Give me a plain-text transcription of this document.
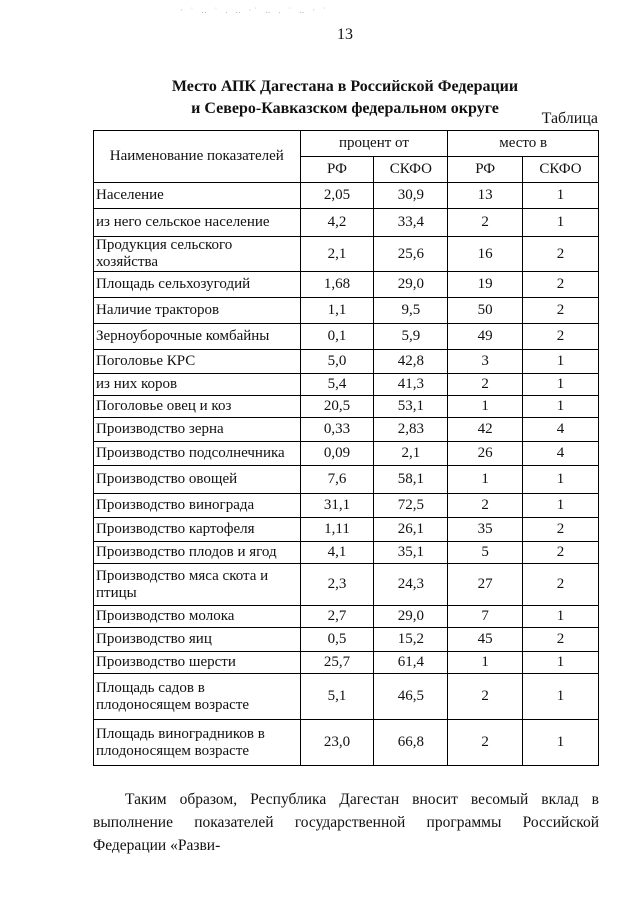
· ˙ ‥ ˙ . ‥ ·˙ ‥ . ˙ ‥ · ˙
13
Место АПК Дагестана в Российской Федерации
и Северо-Кавказском федеральном округе
Таблица
Наименование показателей	процент от		место в	
	РФ	СКФО	РФ	СКФО
Население	2,05	30,9	13	1
из него сельское население	4,2	33,4	2	1
Продукция сельского хозяйства	2,1	25,6	16	2
Площадь сельхозугодий	1,68	29,0	19	2
Наличие тракторов	1,1	9,5	50	2
Зерноуборочные комбайны	0,1	5,9	49	2
Поголовье КРС	5,0	42,8	3	1
из них коров	5,4	41,3	2	1
Поголовье овец и коз	20,5	53,1	1	1
Производство зерна	0,33	2,83	42	4
Производство подсолнечника	0,09	2,1	26	4
Производство овощей	7,6	58,1	1	1
Производство винограда	31,1	72,5	2	1
Производство картофеля	1,11	26,1	35	2
Производство плодов и ягод	4,1	35,1	5	2
Производство мяса скота и птицы	2,3	24,3	27	2
Производство молока	2,7	29,0	7	1
Производство яиц	0,5	15,2	45	2
Производство шерсти	25,7	61,4	1	1
Площадь садов в плодоносящем возрасте	5,1	46,5	2	1
Площадь виноградников в плодоносящем возрасте	23,0	66,8	2	1
Таким образом, Республика Дагестан вносит весомый вклад в выполнение показателей государственной программы Российской Федерации «Разви-
